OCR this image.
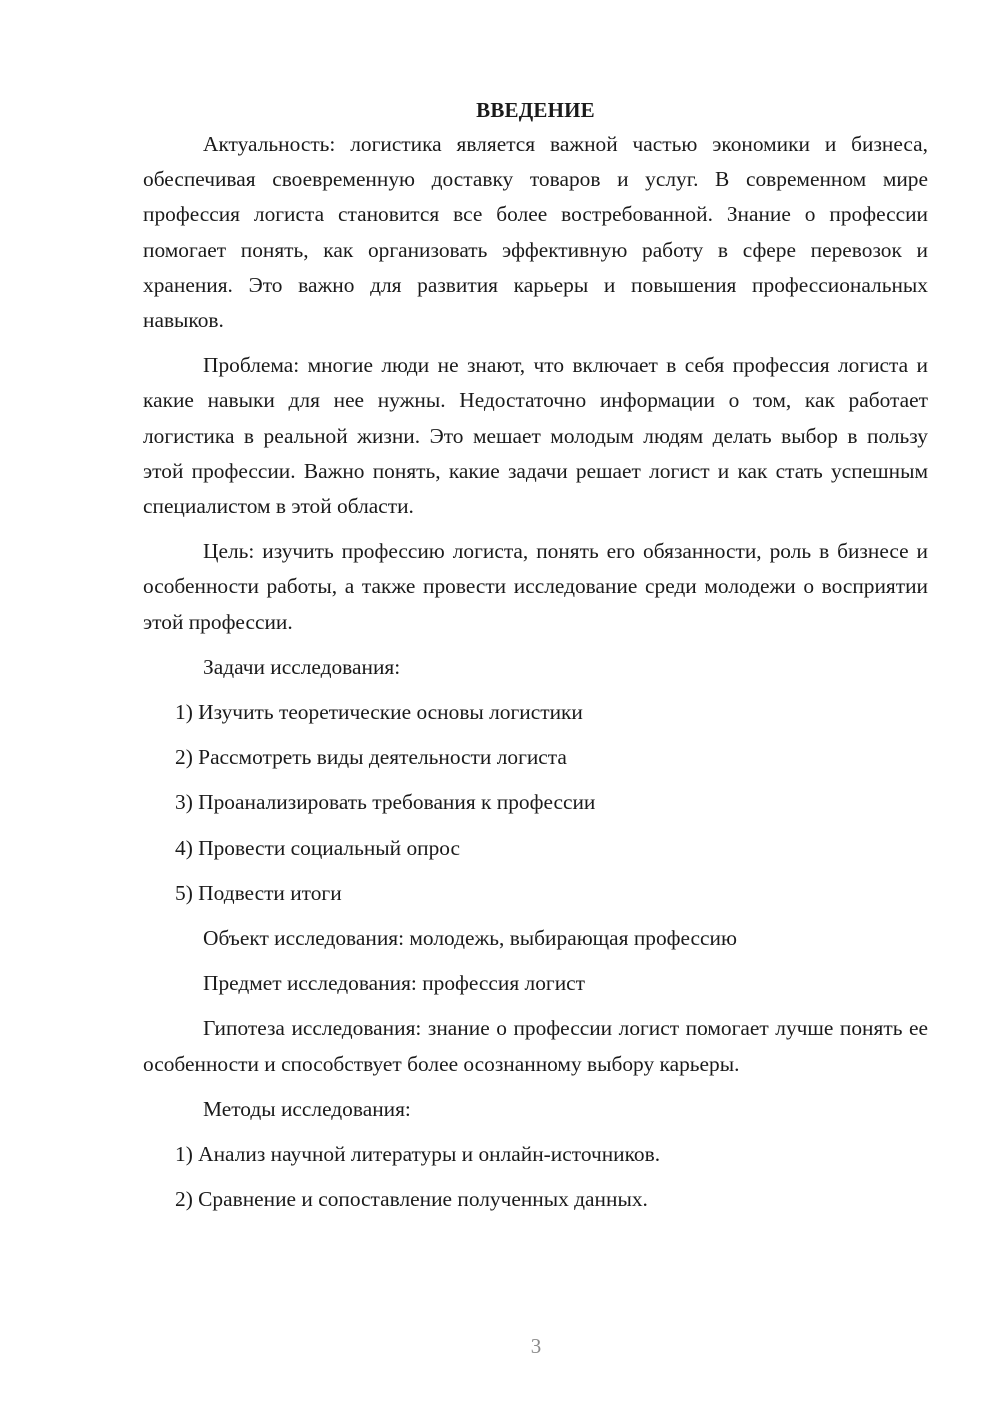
ВВЕДЕНИЕ

Актуальность: логистика является важной частью экономики и бизнеса, обеспечивая своевременную доставку товаров и услуг. В современном мире профессия логиста становится все более востребованной. Знание о профессии помогает понять, как организовать эффективную работу в сфере перевозок и хранения. Это важно для развития карьеры и повышения профессиональных навыков.

Проблема: многие люди не знают, что включает в себя профессия логиста и какие навыки для нее нужны. Недостаточно информации о том, как работает логистика в реальной жизни. Это мешает молодым людям делать выбор в пользу этой профессии. Важно понять, какие задачи решает логист и как стать успешным специалистом в этой области.

Цель: изучить профессию логиста, понять его обязанности, роль в бизнесе и особенности работы, а также провести исследование среди молодежи о восприятии этой профессии.

Задачи исследования:
1) Изучить теоретические основы логистики
2) Рассмотреть виды деятельности логиста
3) Проанализировать требования к профессии
4) Провести социальный опрос
5) Подвести итоги
Объект исследования: молодежь, выбирающая профессию
Предмет исследования: профессия логист

Гипотеза исследования: знание о профессии логист помогает лучше понять ее особенности и способствует более осознанному выбору карьеры.

Методы исследования:
1) Анализ научной литературы и онлайн-источников.
2) Сравнение и сопоставление полученных данных.
3
